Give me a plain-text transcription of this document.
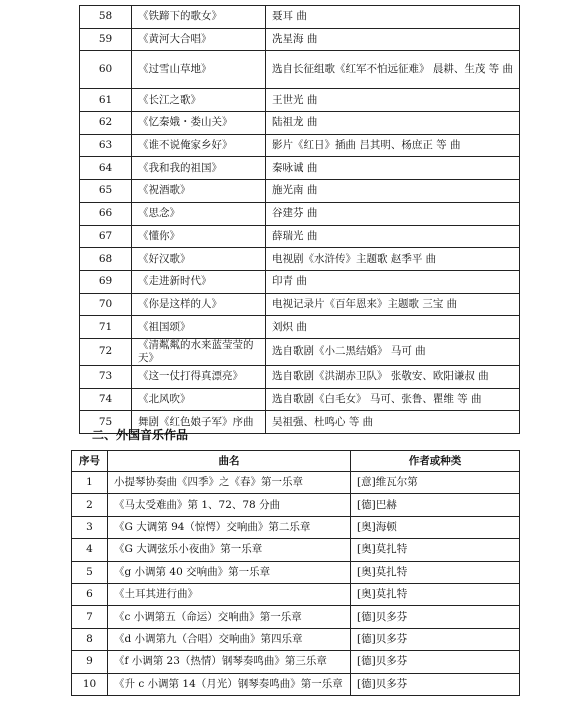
58	《铁蹄下的歌女》	聂耳 曲
59	《黄河大合唱》	冼星海 曲
60	《过雪山草地》	选自长征组歌《红军不怕远征难》 晨耕、生茂 等 曲
61	《长江之歌》	王世光 曲
62	《忆秦娥・娄山关》	陆祖龙 曲
63	《谁不说俺家乡好》	影片《红日》插曲 吕其明、杨庶正 等 曲
64	《我和我的祖国》	秦咏诚 曲
65	《祝酒歌》	施光南 曲
66	《思念》	谷建芬 曲
67	《懂你》	薛瑞光 曲
68	《好汉歌》	电视剧《水浒传》主题歌 赵季平 曲
69	《走进新时代》	印青 曲
70	《你是这样的人》	电视记录片《百年恩来》主题歌 三宝 曲
71	《祖国颂》	刘炽 曲
72	《清粼粼的水来蓝莹莹的天》	选自歌剧《小二黑结婚》 马可 曲
73	《这一仗打得真漂亮》	选自歌剧《洪湖赤卫队》 张敬安、欧阳谦叔 曲
74	《北风吹》	选自歌剧《白毛女》 马可、张鲁、瞿维 等 曲
75	舞剧《红色娘子军》序曲	吴祖强、杜鸣心 等 曲
二、外国音乐作品
序号	曲名	作者或种类
1	小提琴协奏曲《四季》之《春》第一乐章	[意]维瓦尔第
2	《马太受难曲》第 1、72、78 分曲	[德]巴赫
3	《G 大调第 94（惊愕）交响曲》第二乐章	[奥]海顿
4	《G 大调弦乐小夜曲》第一乐章	[奥]莫扎特
5	《g 小调第 40 交响曲》第一乐章	[奥]莫扎特
6	《土耳其进行曲》	[奥]莫扎特
7	《c 小调第五（命运）交响曲》第一乐章	[德]贝多芬
8	《d 小调第九（合唱）交响曲》第四乐章	[德]贝多芬
9	《f 小调第 23（热情）钢琴奏鸣曲》第三乐章	[德]贝多芬
10	《升 c 小调第 14（月光）钢琴奏鸣曲》第一乐章	[德]贝多芬
